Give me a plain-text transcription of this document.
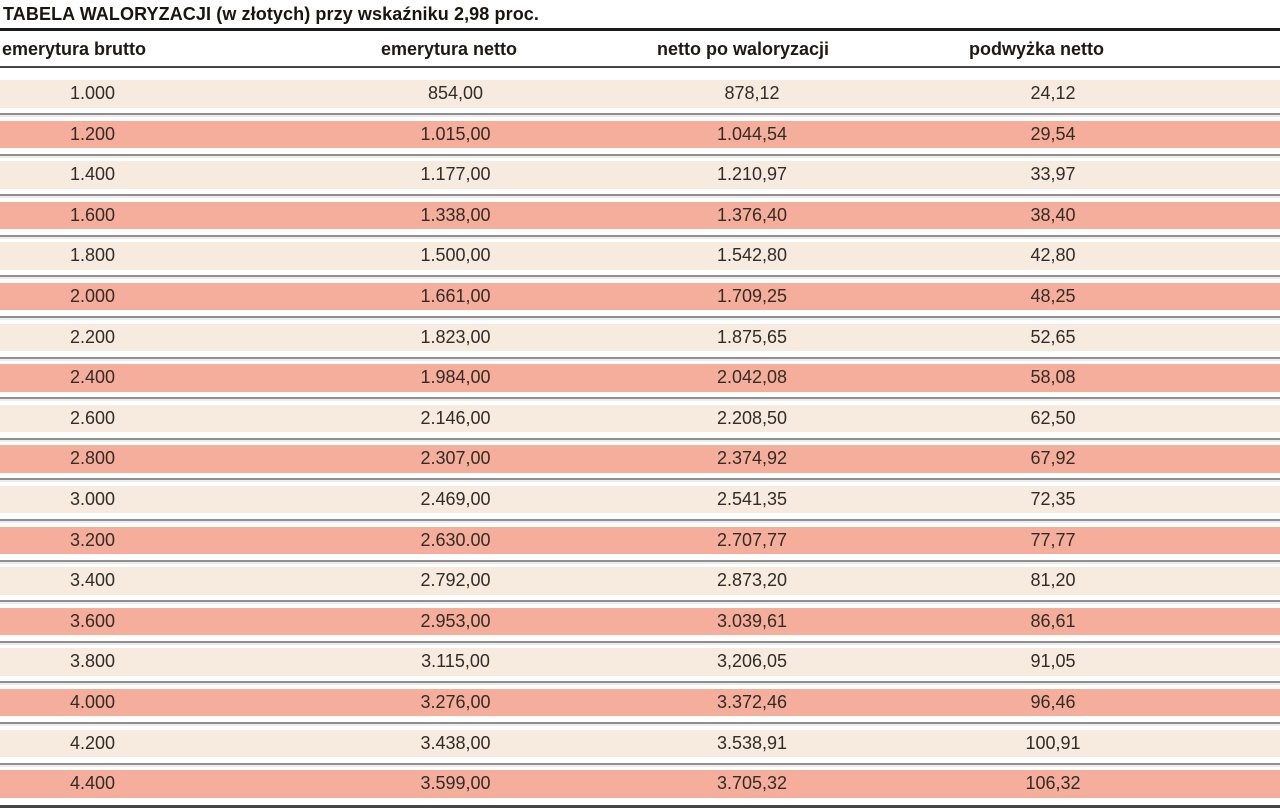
TABELA WALORYZACJI (w złotych) przy wskaźniku 2,98 proc.
emerytura brutto	emerytura netto	netto po waloryzacji	podwyżka netto
1.000	854,00	878,12	24,12
1.200	1.015,00	1.044,54	29,54
1.400	1.177,00	1.210,97	33,97
1.600	1.338,00	1.376,40	38,40
1.800	1.500,00	1.542,80	42,80
2.000	1.661,00	1.709,25	48,25
2.200	1.823,00	1.875,65	52,65
2.400	1.984,00	2.042,08	58,08
2.600	2.146,00	2.208,50	62,50
2.800	2.307,00	2.374,92	67,92
3.000	2.469,00	2.541,35	72,35
3.200	2.630.00	2.707,77	77,77
3.400	2.792,00	2.873,20	81,20
3.600	2.953,00	3.039,61	86,61
3.800	3.115,00	3,206,05	91,05
4.000	3.276,00	3.372,46	96,46
4.200	3.438,00	3.538,91	100,91
4.400	3.599,00	3.705,32	106,32
